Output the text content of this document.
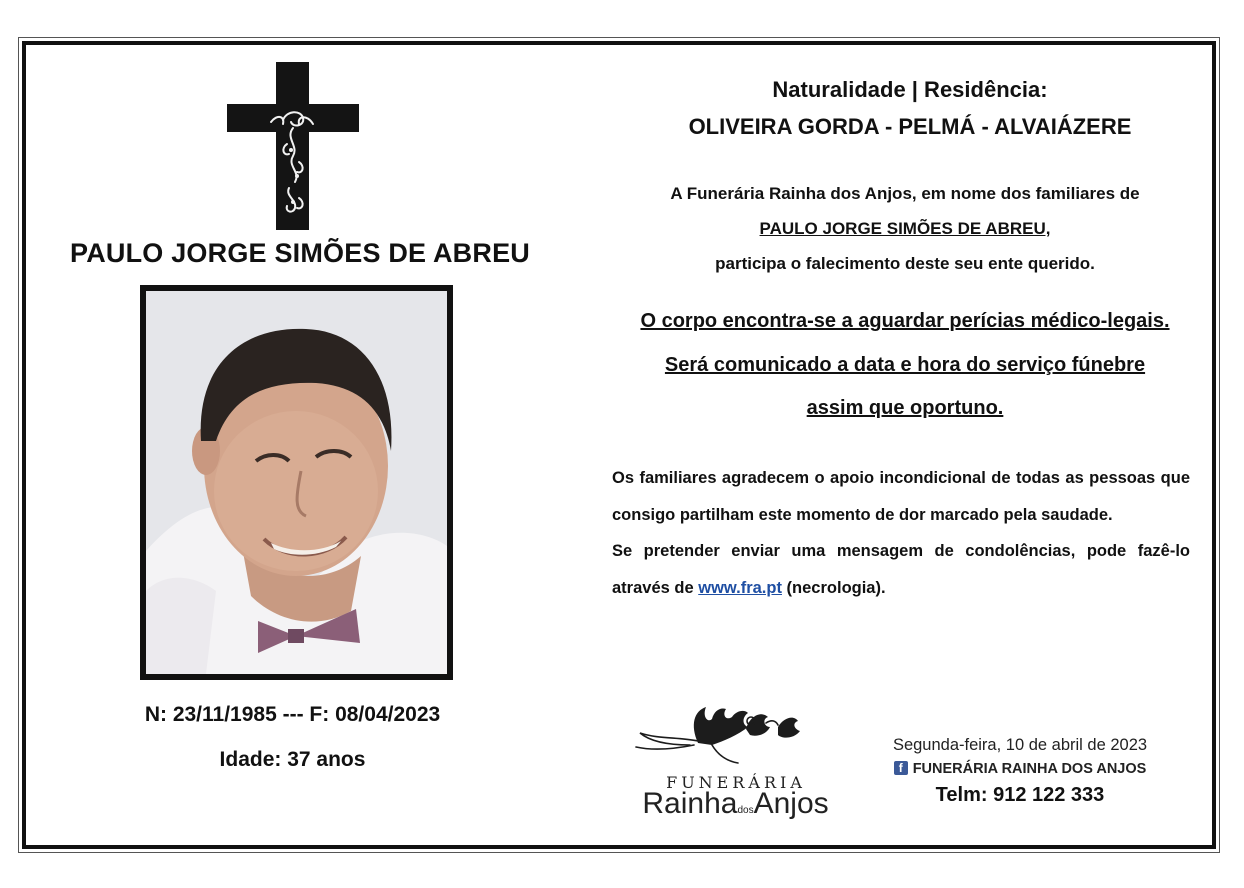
PAULO JORGE SIMÕES DE ABREU
N: 23/11/1985 --- F: 08/04/2023
Idade: 37 anos
Naturalidade | Residência:
OLIVEIRA GORDA - PELMÁ - ALVAIÁZERE
A Funerária Rainha dos Anjos, em nome dos familiares de
PAULO JORGE SIMÕES DE ABREU,
participa o falecimento deste seu ente querido.
O corpo encontra-se a aguardar perícias médico-legais.
Será comunicado a data e hora do serviço fúnebre
assim que oportuno.

Os familiares agradecem o apoio incondicional de todas as pessoas que consigo partilham este momento de dor marcado pela saudade.

Se pretender enviar uma mensagem de condolências, pode fazê-lo através de www.fra.pt (necrologia).

FUNERÁRIA
RainhadosAnjos
Segunda-feira, 10 de abril de 2023
f FUNERÁRIA RAINHA DOS ANJOS
Telm: 912 122 333
